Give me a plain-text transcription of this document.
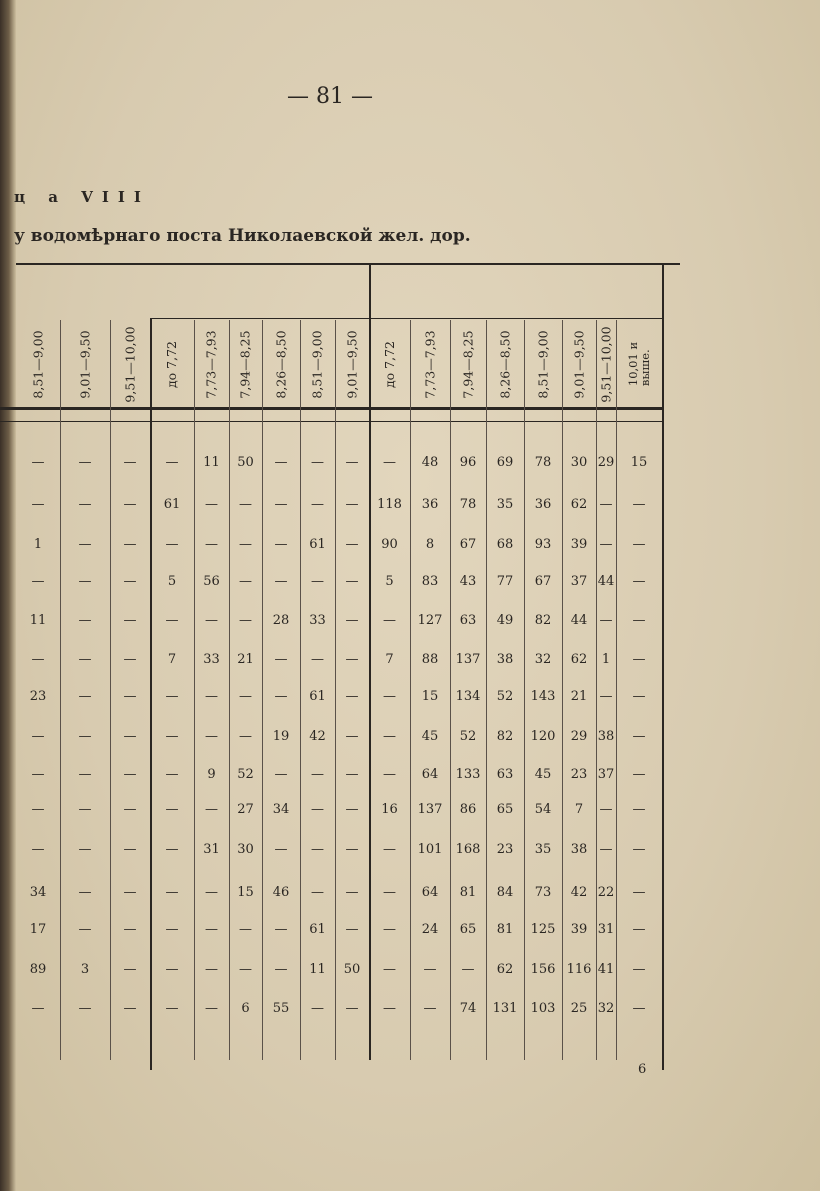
— 81 —
ц а VIII
у водомѣрнаго поста Николаевской жел. дор.
8,51—9,00	9,01—9,50 9,51—10,00 до 7,72 7,73—7,93 7,94—8,25 8,26—8,50 8,51—9,00 9,01—9,50 до 7,72 7,73—7,93 7,94—8,25 8,26—8,50 8,51—9,00 9,01—9,50 9,51—10,00 10,01 и
выше.
—	—	—	—	11	50	—	—	—	—	48	96	69	78	30 29	15
—	—	—	61	—	—	—	—	—	118	36	78	35	36	62 —	—
1	—	—	—	—	—	—	61	—	90	8	67	68	93	39 —	—
—	—	—	5	56	—	—	—	—	5	83	43	77	67	37 44	—
11	—	—	—	—	—	28	33	—	—	127	63	49	82	44 —	—
—	—	—	7	33	21	—	—	—	7	88	137	38	32	62	1	—
23	—	—	—	—	—	—	61	—	—	15	134	52	143	21 —	—
—	—	—	—	—	—	19	42	—	—	45	52	82	120	29 38	—
—	—	—	—	9	52	—	—	—	—	64	133	63	45	23 37	—
—	—	—	—	—	27	34	—	—	16	137	86	65	54	7	—	—
—	—	—	—	31	30	—	—	—	—	101	168	23	35	38 —	—
34	—	—	—	—	15	46	—	—	—	64	81	84	73	42 22	—
17	—	—	—	—	—	—	61	—	—	24	65	81	125	39 31	—
89	3	—	—	—	—	—	11	50	—	—	—	62	156 116 41	—
—	—	—	—	—	6	55	—	—	—	—	74	131	103	25 32	—
6
